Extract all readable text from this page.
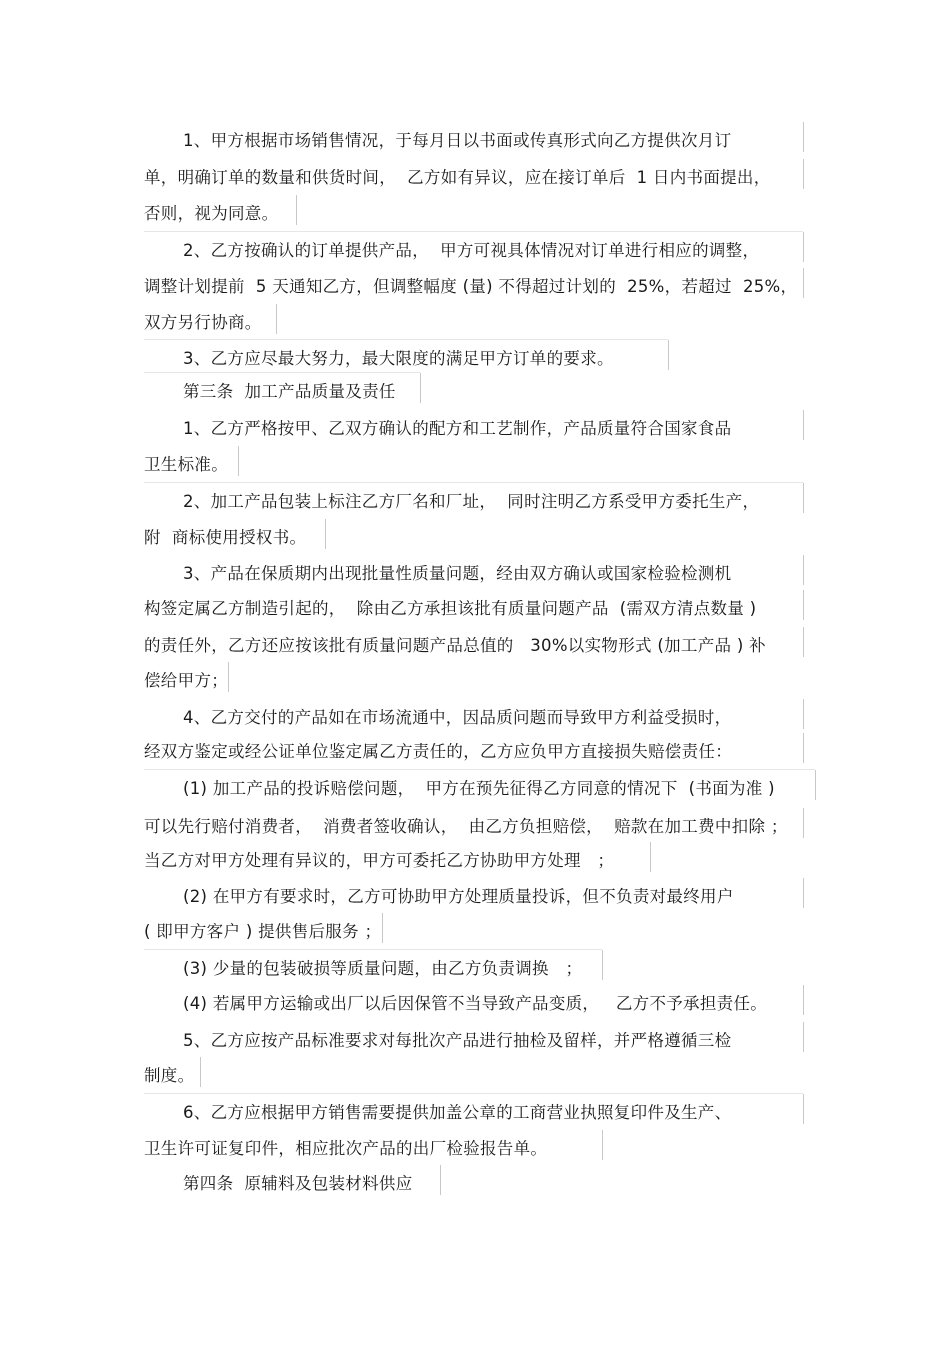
1、甲方根据市场销售情况，于每月日以书面或传真形式向乙方提供次月订
单，明确订单的数量和供货时间，  乙方如有异议，应在接订单后  1 日内书面提出，
否则，视为同意。
2、乙方按确认的订单提供产品，  甲方可视具体情况对订单进行相应的调整，
调整计划提前  5 天通知乙方，但调整幅度 (量) 不得超过计划的  25%，若超过  25%，
双方另行协商。
3、乙方应尽最大努力，最大限度的满足甲方订单的要求。
第三条  加工产品质量及责任
1、乙方严格按甲、乙双方确认的配方和工艺制作，产品质量符合国家食品
卫生标准。
2、加工产品包装上标注乙方厂名和厂址，  同时注明乙方系受甲方委托生产，
附  商标使用授权书。
3、产品在保质期内出现批量性质量问题，经由双方确认或国家检验检测机
构签定属乙方制造引起的，  除由乙方承担该批有质量问题产品  (需双方清点数量 )
的责任外，乙方还应按该批有质量问题产品总值的   30%以实物形式 (加工产品 ) 补
偿给甲方；
4、乙方交付的产品如在市场流通中，因品质问题而导致甲方利益受损时，
经双方鉴定或经公证单位鉴定属乙方责任的，乙方应负甲方直接损失赔偿责任：
(1) 加工产品的投诉赔偿问题，  甲方在预先征得乙方同意的情况下  (书面为准 )
可以先行赔付消费者，  消费者签收确认，  由乙方负担赔偿，  赔款在加工费中扣除 ；
当乙方对甲方处理有异议的，甲方可委托乙方协助甲方处理   ；
(2) 在甲方有要求时，乙方可协助甲方处理质量投诉，但不负责对最终用户
( 即甲方客户 ) 提供售后服务 ；
(3) 少量的包装破损等质量问题，由乙方负责调换   ；
(4) 若属甲方运输或出厂以后因保管不当导致产品变质，   乙方不予承担责任。
5、乙方应按产品标准要求对每批次产品进行抽检及留样，并严格遵循三检
制度。
6、乙方应根据甲方销售需要提供加盖公章的工商营业执照复印件及生产、
卫生许可证复印件，相应批次产品的出厂检验报告单。
第四条  原辅料及包装材料供应
